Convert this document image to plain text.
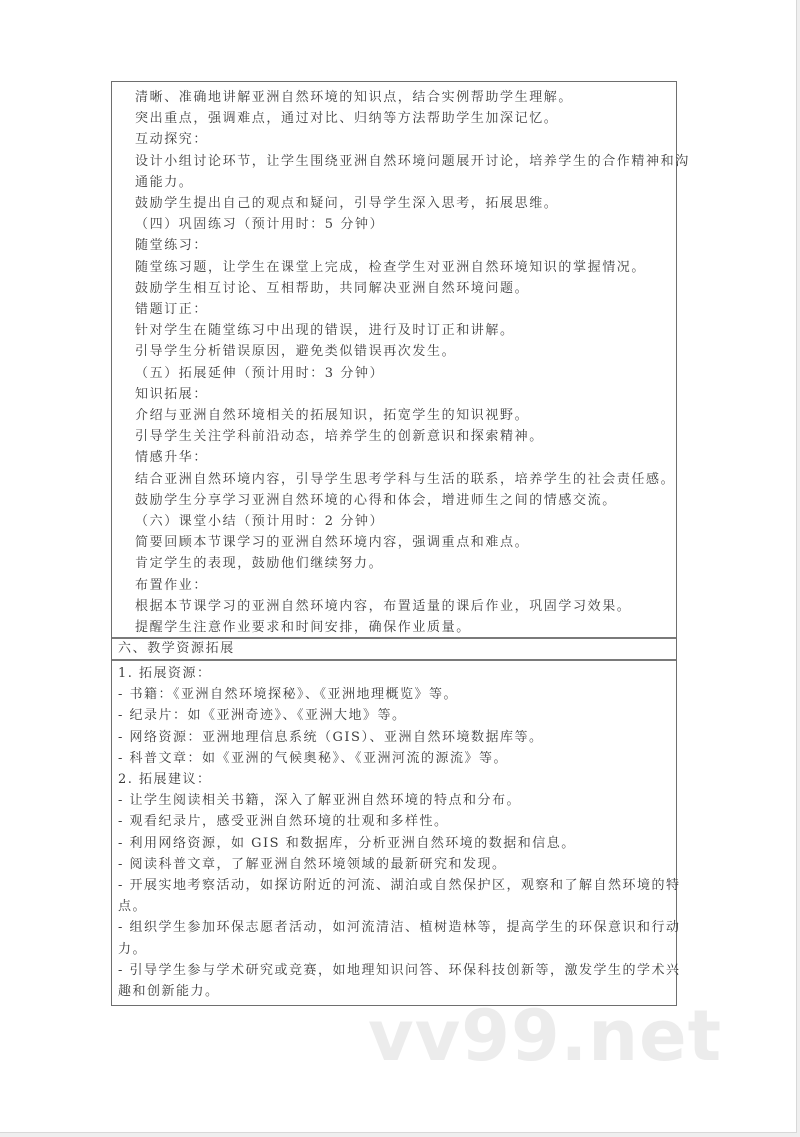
清晰、准确地讲解亚洲自然环境的知识点，结合实例帮助学生理解。
突出重点，强调难点，通过对比、归纳等方法帮助学生加深记忆。
互动探究：
设计小组讨论环节，让学生围绕亚洲自然环境问题展开讨论，培养学生的合作精神和沟
通能力。
鼓励学生提出自己的观点和疑问，引导学生深入思考，拓展思维。
（四）巩固练习（预计用时：5 分钟）
随堂练习：
随堂练习题，让学生在课堂上完成，检查学生对亚洲自然环境知识的掌握情况。
鼓励学生相互讨论、互相帮助，共同解决亚洲自然环境问题。
错题订正：
针对学生在随堂练习中出现的错误，进行及时订正和讲解。
引导学生分析错误原因，避免类似错误再次发生。
（五）拓展延伸（预计用时：3 分钟）
知识拓展：
介绍与亚洲自然环境相关的拓展知识，拓宽学生的知识视野。
引导学生关注学科前沿动态，培养学生的创新意识和探索精神。
情感升华：
结合亚洲自然环境内容，引导学生思考学科与生活的联系，培养学生的社会责任感。
鼓励学生分享学习亚洲自然环境的心得和体会，增进师生之间的情感交流。
（六）课堂小结（预计用时：2 分钟）
简要回顾本节课学习的亚洲自然环境内容，强调重点和难点。
肯定学生的表现，鼓励他们继续努力。
布置作业：
根据本节课学习的亚洲自然环境内容，布置适量的课后作业，巩固学习效果。
提醒学生注意作业要求和时间安排，确保作业质量。
六、教学资源拓展
1. 拓展资源：
- 书籍：《亚洲自然环境探秘》、《亚洲地理概览》等。
- 纪录片：如《亚洲奇迹》、《亚洲大地》等。
- 网络资源：亚洲地理信息系统（GIS）、亚洲自然环境数据库等。
- 科普文章：如《亚洲的气候奥秘》、《亚洲河流的源流》等。
2. 拓展建议：
- 让学生阅读相关书籍，深入了解亚洲自然环境的特点和分布。
- 观看纪录片，感受亚洲自然环境的壮观和多样性。
- 利用网络资源，如 GIS 和数据库，分析亚洲自然环境的数据和信息。
- 阅读科普文章，了解亚洲自然环境领域的最新研究和发现。
- 开展实地考察活动，如探访附近的河流、湖泊或自然保护区，观察和了解自然环境的特
点。
- 组织学生参加环保志愿者活动，如河流清洁、植树造林等，提高学生的环保意识和行动
力。
- 引导学生参与学术研究或竞赛，如地理知识问答、环保科技创新等，激发学生的学术兴
趣和创新能力。
vv99.net
